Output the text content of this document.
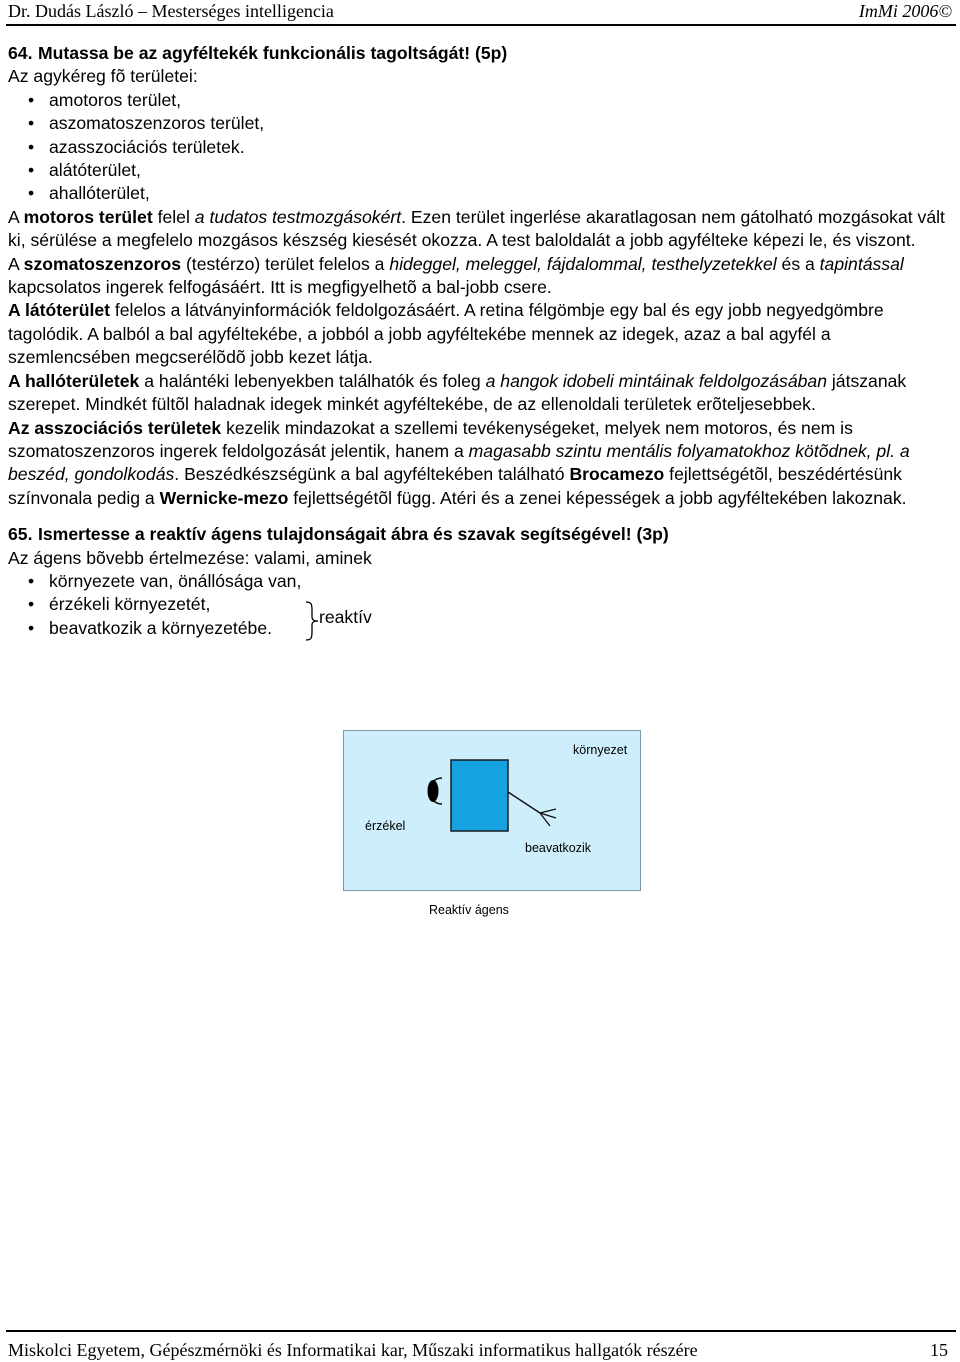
Dr. Dudás László – Mesterséges intelligencia	ImMi 2006©

64. Mutassa be az agyféltekék funkcionális tagoltságát! (5p)

Az agykéreg fõ területei:

• amotoros terület,
• aszomatoszenzoros terület,
• azasszociációs területek.
• alátóterület,
• ahallóterület,

A motoros terület felel a tudatos testmozgásokért. Ezen terület ingerlése akaratlagosan nem gátolható mozgásokat vált ki, sérülése a megfelelo mozgásos készség kiesését okozza. A test baloldalát a jobb agyfélteke képezi le, és viszont.

A szomatoszenzoros (testérzo) terület felelos a hideggel, meleggel, fájdalommal, testhelyzetekkel és a tapintással kapcsolatos ingerek felfogásáért. Itt is megfigyelhetõ a bal-jobb csere.

A látóterület felelos a látványinformációk feldolgozásáért. A retina félgömbje egy bal és egy jobb negyedgömbre tagolódik. A balból a bal agyféltekébe, a jobból a jobb agyféltekébe mennek az idegek, azaz a bal agyfél a szemlencsében megcserélõdõ jobb kezet látja.

A hallóterületek a halántéki lebenyekben találhatók és foleg a hangok idobeli mintáinak feldolgozásában játszanak szerepet. Mindkét fültõl haladnak idegek minkét agyféltekébe, de az ellenoldali területek erõteljesebbek.

Az asszociációs területek kezelik mindazokat a szellemi tevékenységeket, melyek nem motoros, és nem is szomatoszenzoros ingerek feldolgozását jelentik, hanem a magasabb szintu mentális folyamatokhoz kötõdnek, pl. a beszéd, gondolkodás. Beszédkészségünk a bal agyféltekében található Brocamezo fejlettségétõl, beszédértésünk színvonala pedig a Wernicke-mezo fejlettségétõl függ. Atéri és a zenei képességek a jobb agyféltekében lakoznak.

65. Ismertesse a reaktív ágens tulajdonságait ábra és szavak segítségével! (3p)

Az ágens bõvebb értelmezése: valami, aminek

• környezete van, önállósága van,
• érzékeli környezetét,
• beavatkozik a környezetébe.
reaktív
környezet
érzékel
beavatkozik
Reaktív ágens
Miskolci Egyetem, Gépészmérnöki és Informatikai kar, Műszaki informatikus hallgatók részére	15
